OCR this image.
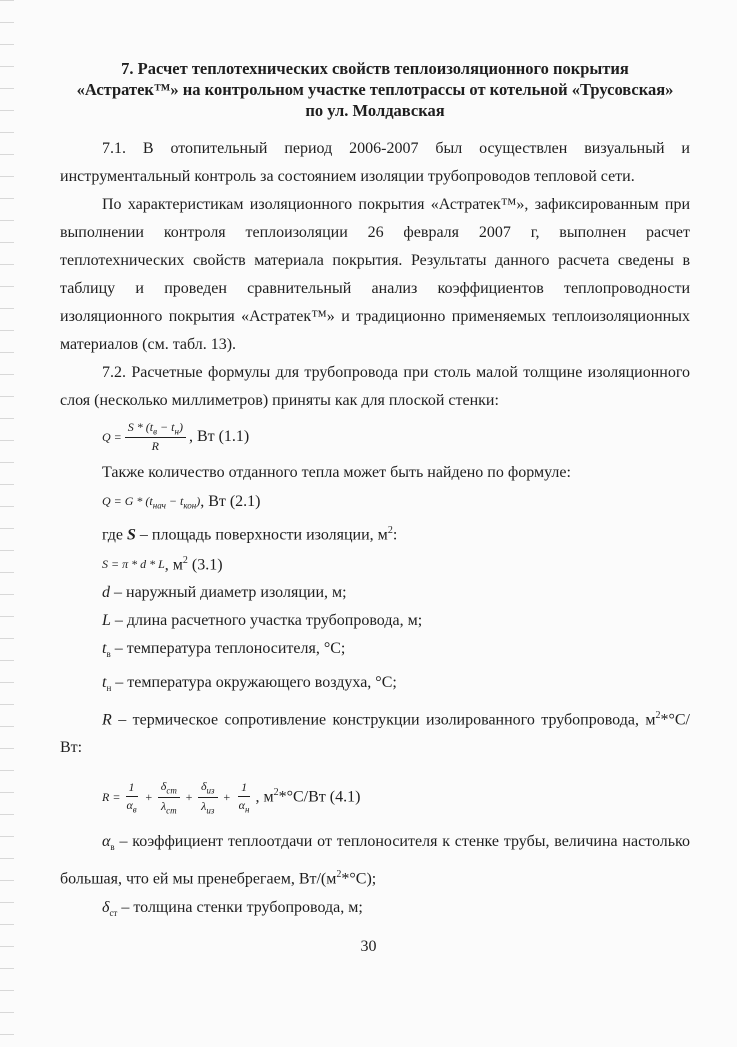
7. Расчет теплотехнических свойств теплоизоляционного покрытия
«Астратек™» на контрольном участке теплотрассы от котельной «Трусовская»
по ул. Молдавская

7.1. В отопительный период 2006-2007 был осуществлен визуальный и инструментальный контроль за состоянием изоляции трубопроводов тепловой сети.

По характеристикам изоляционного покрытия «Астратек™», зафиксированным при выполнении контроля теплоизоляции 26 февраля 2007 г, выполнен расчет теплотехнических свойств материала покрытия. Результаты данного расчета сведены в таблицу и проведен сравнительный анализ коэффициентов теплопроводности изоляционного покрытия «Астратек™» и традиционно применяемых теплоизоляционных материалов (см. табл. 13).

7.2. Расчетные формулы для трубопровода при столь малой толщине изоляционного слоя (несколько миллиметров) приняты как для плоской стенки:

$Q = \frac{S * (t_в - t_н)}{R}$ , Вт (1.1)

Также количество отданного тепла может быть найдено по формуле:

$Q = G * (t_{нач} - t_{кон})$ , Вт (2.1)

где S – площадь поверхности изоляции, $м^2$:

S = π * d * L , $м^2$ (3.1)

d – наружный диаметр изоляции, м;

L – длина расчетного участка трубопровода, м;

$t_в$ – температура теплоносителя, °С;

$t_н$ – температура окружающего воздуха, °С;

R – термическое сопротивление конструкции изолированного трубопровода, $м^2*^\circ С/Вт$:

$R = \frac{1}{\alpha_в} + \frac{\delta_{ст}}{\lambda_{ст}} + \frac{\delta_{из}}{\lambda_{из}} + \frac{1}{\alpha_н}$ , $м^2*^\circ С/Вт$ (4.1)

$\alpha_в$ – коэффициент теплоотдачи от теплоносителя к стенке трубы, величина настолько большая, что ей мы пренебрегаем, $Вт/(м^2*^\circ С)$;

$\delta_{ст}$ – толщина стенки трубопровода, м;

30
